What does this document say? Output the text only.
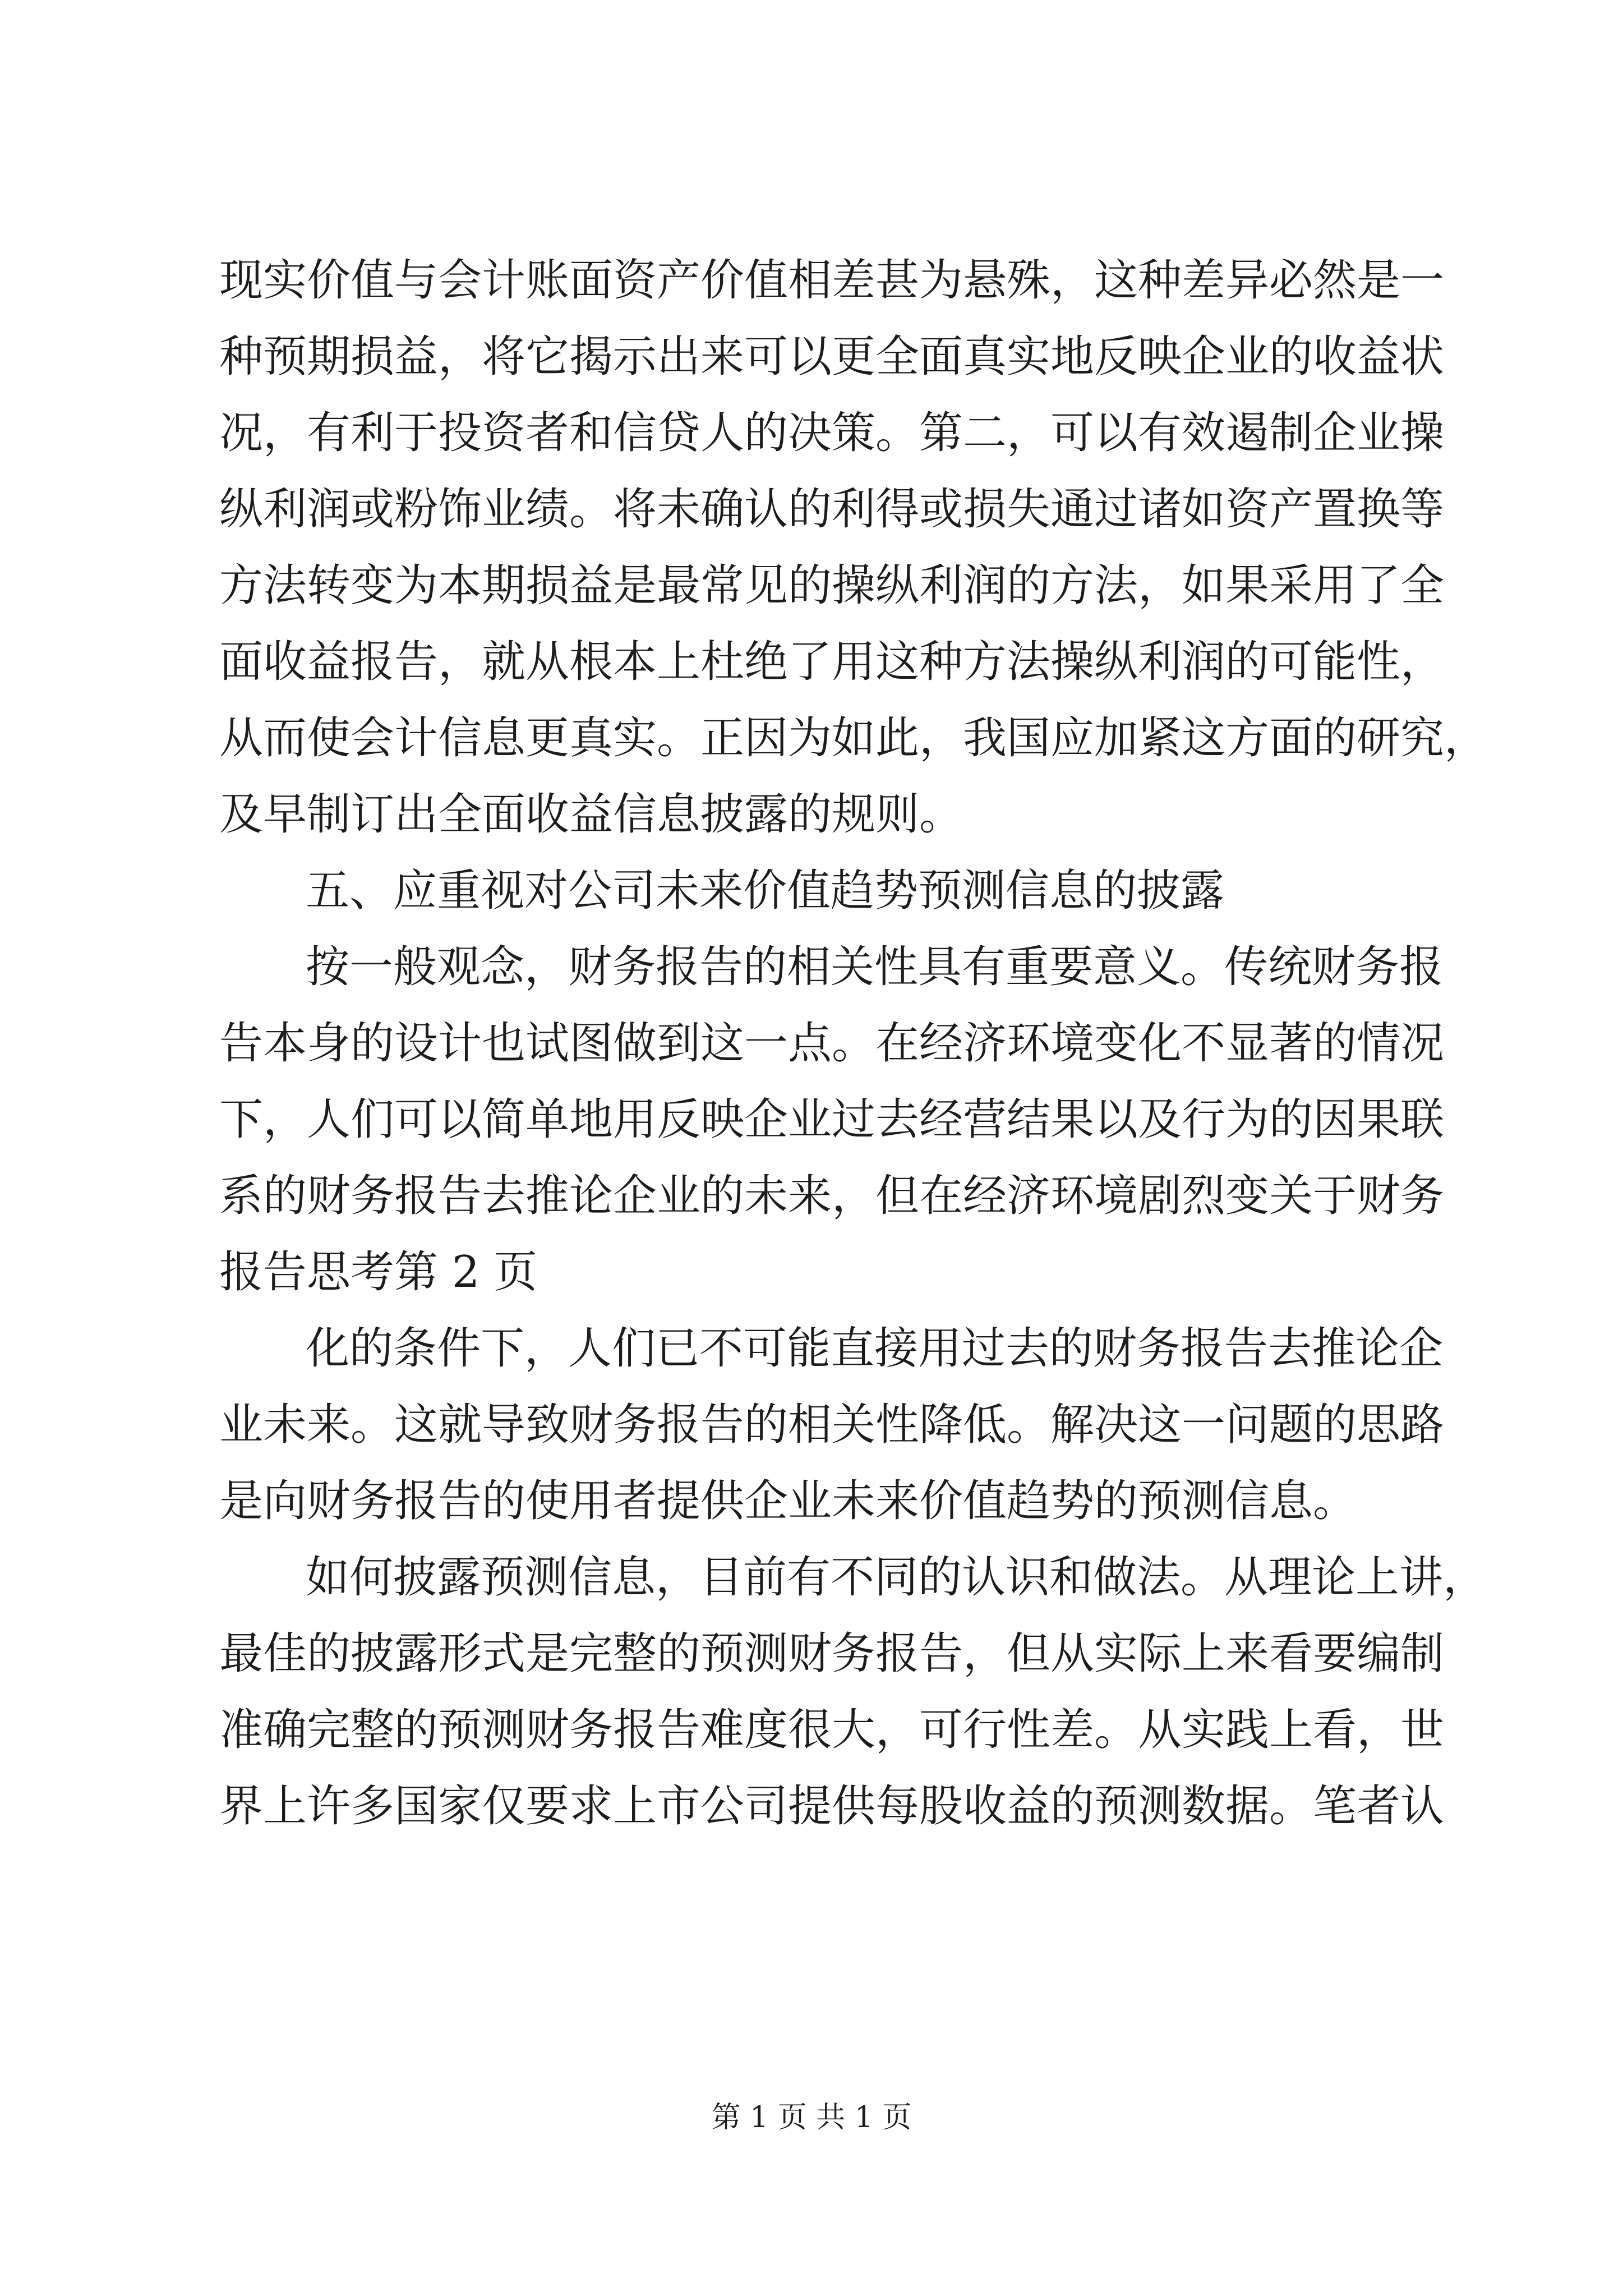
现实价值与会计账面资产价值相差甚为悬殊，这种差异必然是一
种预期损益，将它揭示出来可以更全面真实地反映企业的收益状
况，有利于投资者和信贷人的决策。第二，可以有效遏制企业操
纵利润或粉饰业绩。将未确认的利得或损失通过诸如资产置换等
方法转变为本期损益是最常见的操纵利润的方法，如果采用了全
面收益报告，就从根本上杜绝了用这种方法操纵利润的可能性，
从而使会计信息更真实。正因为如此，我国应加紧这方面的研究，
及早制订出全面收益信息披露的规则。
五、应重视对公司未来价值趋势预测信息的披露
按一般观念，财务报告的相关性具有重要意义。传统财务报
告本身的设计也试图做到这一点。在经济环境变化不显著的情况
下，人们可以简单地用反映企业过去经营结果以及行为的因果联
系的财务报告去推论企业的未来，但在经济环境剧烈变关于财务
报告思考第 2 页
化的条件下，人们已不可能直接用过去的财务报告去推论企
业未来。这就导致财务报告的相关性降低。解决这一问题的思路
是向财务报告的使用者提供企业未来价值趋势的预测信息。
如何披露预测信息，目前有不同的认识和做法。从理论上讲，
最佳的披露形式是完整的预测财务报告，但从实际上来看要编制
准确完整的预测财务报告难度很大，可行性差。从实践上看，世
界上许多国家仅要求上市公司提供每股收益的预测数据。笔者认
第 1 页 共 1 页
